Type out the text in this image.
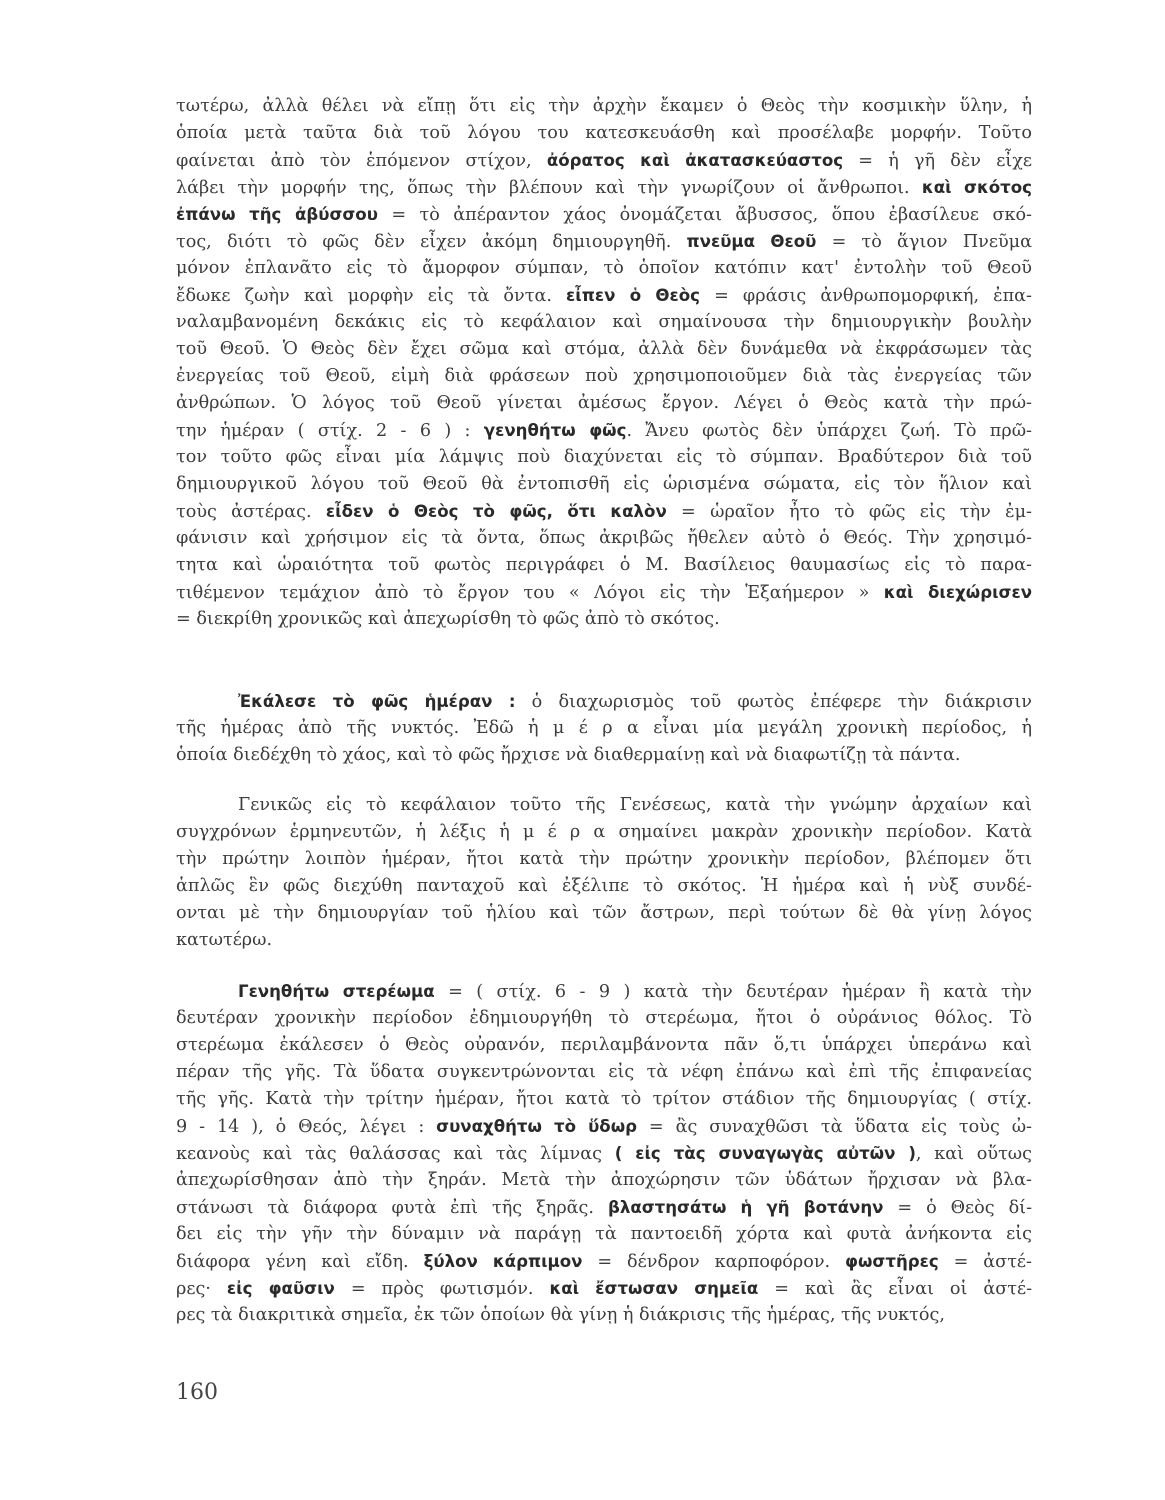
τωτέρω, ἀλλὰ θέλει νὰ εἴπῃ ὅτι εἰς τὴν ἀρχὴν ἔκαμεν ὁ Θεὸς τὴν κοσμικὴν ὕλην, ἡ
ὁποία μετὰ ταῦτα διὰ τοῦ λόγου του κατεσκευάσθη καὶ προσέλαβε μορφήν. Τοῦτο
φαίνεται ἀπὸ τὸν ἑπόμενον στίχον, ἀόρατος καὶ ἀκατασκεύαστος = ἡ γῆ δὲν εἶχε
λάβει τὴν μορφήν της, ὅπως τὴν βλέπουν καὶ τὴν γνωρίζουν οἱ ἄνθρωποι. καὶ σκότος
ἐπάνω τῆς ἀβύσσου = τὸ ἀπέραντον χάος ὀνομάζεται ἄβυσσος, ὅπου ἐβασίλευε σκό-
τος, διότι τὸ φῶς δὲν εἶχεν ἀκόμη δημιουργηθῆ. πνεῦμα Θεοῦ = τὸ ἅγιον Πνεῦμα
μόνον ἐπλανᾶτο εἰς τὸ ἄμορφον σύμπαν, τὸ ὁποῖον κατόπιν κατ' ἐντολὴν τοῦ Θεοῦ
ἔδωκε ζωὴν καὶ μορφὴν εἰς τὰ ὄντα. εἶπεν ὁ Θεὸς = φράσις ἀνθρωπομορφική, ἐπα-
ναλαμβανομένη δεκάκις εἰς τὸ κεφάλαιον καὶ σημαίνουσα τὴν δημιουργικὴν βουλὴν
τοῦ Θεοῦ. Ὁ Θεὸς δὲν ἔχει σῶμα καὶ στόμα, ἀλλὰ δὲν δυνάμεθα νὰ ἐκφράσωμεν τὰς
ἐνεργείας τοῦ Θεοῦ, εἰμὴ διὰ φράσεων ποὺ χρησιμοποιοῦμεν διὰ τὰς ἐνεργείας τῶν
ἀνθρώπων. Ὁ λόγος τοῦ Θεοῦ γίνεται ἀμέσως ἔργον. Λέγει ὁ Θεὸς κατὰ τὴν πρώ-
την ἡμέραν ( στίχ. 2 - 6 ) : γενηθήτω φῶς. Ἄνευ φωτὸς δὲν ὑπάρχει ζωή. Τὸ πρῶ-
τον τοῦτο φῶς εἶναι μία λάμψις ποὺ διαχύνεται εἰς τὸ σύμπαν. Βραδύτερον διὰ τοῦ
δημιουργικοῦ λόγου τοῦ Θεοῦ θὰ ἐντοπισθῆ εἰς ὡρισμένα σώματα, εἰς τὸν ἥλιον καὶ
τοὺς ἀστέρας. εἶδεν ὁ Θεὸς τὸ φῶς, ὅτι καλὸν = ὡραῖον ἦτο τὸ φῶς εἰς τὴν ἐμ-
φάνισιν καὶ χρήσιμον εἰς τὰ ὄντα, ὅπως ἀκριβῶς ἤθελεν αὐτὸ ὁ Θεός. Τὴν χρησιμό-
τητα καὶ ὡραιότητα τοῦ φωτὸς περιγράφει ὁ Μ. Βασίλειος θαυμασίως εἰς τὸ παρα-
τιθέμενον τεμάχιον ἀπὸ τὸ ἔργον του « Λόγοι εἰς τὴν Ἑξαήμερον » καὶ διεχώρισεν
= διεκρίθη χρονικῶς καὶ ἀπεχωρίσθη τὸ φῶς ἀπὸ τὸ σκότος.
Ἐκάλεσε τὸ φῶς ἡμέραν : ὁ διαχωρισμὸς τοῦ φωτὸς ἐπέφερε τὴν διάκρισιν
τῆς ἡμέρας ἀπὸ τῆς νυκτός. Ἐδῶ ἡ μ έ ρ α εἶναι μία μεγάλη χρονικὴ περίοδος, ἡ
ὁποία διεδέχθη τὸ χάος, καὶ τὸ φῶς ἤρχισε νὰ διαθερμαίνῃ καὶ νὰ διαφωτίζῃ τὰ πάντα.
Γενικῶς εἰς τὸ κεφάλαιον τοῦτο τῆς Γενέσεως, κατὰ τὴν γνώμην ἀρχαίων καὶ
συγχρόνων ἑρμηνευτῶν, ἡ λέξις ἡ μ έ ρ α σημαίνει μακρὰν χρονικὴν περίοδον. Κατὰ
τὴν πρώτην λοιπὸν ἡμέραν, ἤτοι κατὰ τὴν πρώτην χρονικὴν περίοδον, βλέπομεν ὅτι
ἁπλῶς ἓν φῶς διεχύθη πανταχοῦ καὶ ἐξέλιπε τὸ σκότος. Ἡ ἡμέρα καὶ ἡ νὺξ συνδέ-
ονται μὲ τὴν δημιουργίαν τοῦ ἡλίου καὶ τῶν ἄστρων, περὶ τούτων δὲ θὰ γίνῃ λόγος
κατωτέρω.
Γενηθήτω στερέωμα = ( στίχ. 6 - 9 ) κατὰ τὴν δευτέραν ἡμέραν ἢ κατὰ τὴν
δευτέραν χρονικὴν περίοδον ἐδημιουργήθη τὸ στερέωμα, ἤτοι ὁ οὐράνιος θόλος. Τὸ
στερέωμα ἐκάλεσεν ὁ Θεὸς οὐρανόν, περιλαμβάνοντα πᾶν ὅ,τι ὑπάρχει ὑπεράνω καὶ
πέραν τῆς γῆς. Τὰ ὕδατα συγκεντρώνονται εἰς τὰ νέφη ἐπάνω καὶ ἐπὶ τῆς ἐπιφανείας
τῆς γῆς. Κατὰ τὴν τρίτην ἡμέραν, ἤτοι κατὰ τὸ τρίτον στάδιον τῆς δημιουργίας ( στίχ.
9 - 14 ), ὁ Θεός, λέγει : συναχθήτω τὸ ὕδωρ = ἂς συναχθῶσι τὰ ὕδατα εἰς τοὺς ὠ-
κεανοὺς καὶ τὰς θαλάσσας καὶ τὰς λίμνας ( εἰς τὰς συναγωγὰς αὐτῶν ), καὶ οὕτως
ἀπεχωρίσθησαν ἀπὸ τὴν ξηράν. Μετὰ τὴν ἀποχώρησιν τῶν ὑδάτων ἤρχισαν νὰ βλα-
στάνωσι τὰ διάφορα φυτὰ ἐπὶ τῆς ξηρᾶς. βλαστησάτω ἡ γῆ βοτάνην = ὁ Θεὸς δί-
δει εἰς τὴν γῆν τὴν δύναμιν νὰ παράγῃ τὰ παντοειδῆ χόρτα καὶ φυτὰ ἀνήκοντα εἰς
διάφορα γένη καὶ εἴδη. ξύλον κάρπιμον = δένδρον καρποφόρον. φωστῆρες = ἀστέ-
ρες· εἰς φαῦσιν = πρὸς φωτισμόν. καὶ ἔστωσαν σημεῖα = καὶ ἂς εἶναι οἱ ἀστέ-
ρες τὰ διακριτικὰ σημεῖα, ἐκ τῶν ὁποίων θὰ γίνῃ ἡ διάκρισις τῆς ἡμέρας, τῆς νυκτός,
160
